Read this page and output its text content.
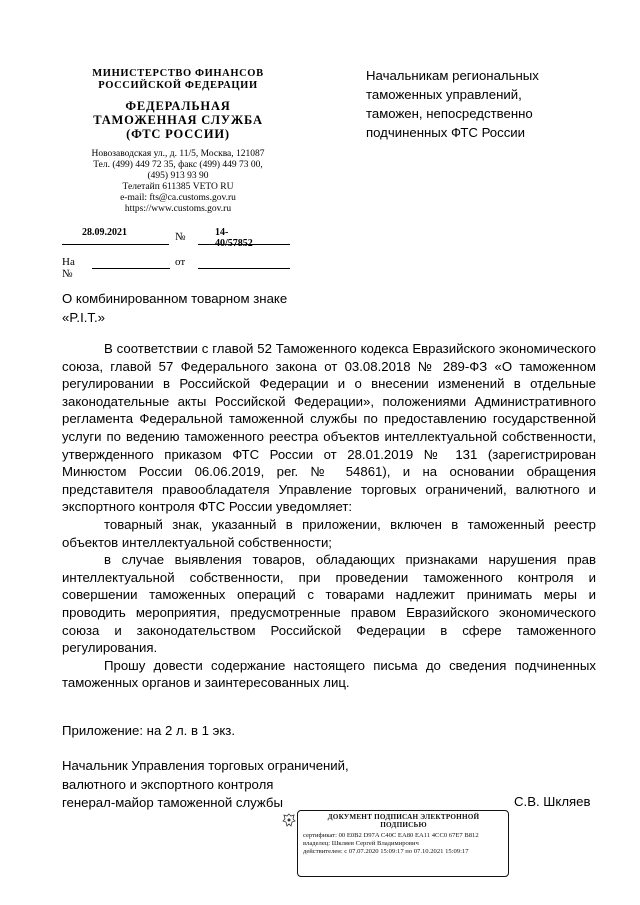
МИНИСТЕРСТВО ФИНАНСОВ
РОССИЙСКОЙ ФЕДЕРАЦИИ
ФЕДЕРАЛЬНАЯ
ТАМОЖЕННАЯ СЛУЖБА
(ФТС РОССИИ)
Новозаводская ул., д. 11/5, Москва, 121087
Тел. (499) 449 72 35, факс (499) 449 73 00,
(495) 913 93 90
Телетайп 611385 VETO RU
e-mail: fts@ca.customs.gov.ru
https://www.customs.gov.ru
28.09.2021	№	14-40/57852
На №
от
Начальникам региональных
таможенных управлений,
таможен, непосредственно
подчиненных ФТС России
О комбинированном товарном знаке
«P.I.T.»

В соответствии с главой 52 Таможенного кодекса Евразийского экономического союза, главой 57 Федерального закона от 03.08.2018 № 289-ФЗ «О таможенном регулировании в Российской Федерации и о внесении изменений в отдельные законодательные акты Российской Федерации», положениями Административного регламента Федеральной таможенной службы по предоставлению государственной услуги по ведению таможенного реестра объектов интеллектуальной собственности, утвержденного приказом ФТС России от 28.01.2019 № 131 (зарегистрирован Минюстом России 06.06.2019, рег. № 54861), и на основании обращения представителя правообладателя Управление торговых ограничений, валютного и экспортного контроля ФТС России уведомляет:

товарный знак, указанный в приложении, включен в таможенный реестр объектов интеллектуальной собственности;

в случае выявления товаров, обладающих признаками нарушения прав интеллектуальной собственности, при проведении таможенного контроля и совершении таможенных операций с товарами надлежит принимать меры и проводить мероприятия, предусмотренные правом Евразийского экономического союза и законодательством Российской Федерации в сфере таможенного регулирования.

Прошу довести содержание настоящего письма до сведения подчиненных таможенных органов и заинтересованных лиц.

Приложение: на 2 л. в 1 экз.
Начальник Управления торговых ограничений,
валютного и экспортного контроля
генерал-майор таможенной службы	С.В. Шкляев
ДОКУМЕНТ ПОДПИСАН ЭЛЕКТРОННОЙ
ПОДПИСЬЮ
сертификат: 00 E0B2 D97A C40C EA80 EA11 4CC0 67E7 B812
владелец: Шкляев Сергей Владимирович
действителен: с 07.07.2020 15:09:17 по 07.10.2021 15:09:17
